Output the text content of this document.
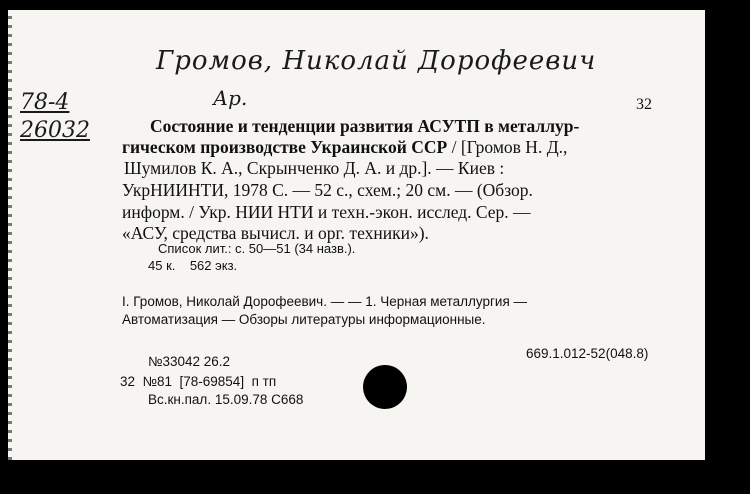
Громов, Николай Дорофеевич
Ар.
78-4
26032
32
Состояние и тенденции развития АСУТП в металлур-
гическом производстве Украинской ССР / [Громов Н. Д.,
Шумилов К. А., Скрынченко Д. А. и др.]. — Киев :
УкрНИИНТИ, 1978 С. — 52 с., схем.; 20 см. — (Обзор.
информ. / Укр. НИИ НТИ и техн.-экон. исслед. Сер. —
«АСУ, средства вычисл. и орг. техники»).
Список лит.: с. 50—51 (34 назв.).
45 к.    562 экз.
I. Громов, Николай Дорофеевич. — — 1. Черная металлургия —
Автоматизация — Обзоры литературы информационные.
669.1.012-52(048.8)
№33042 26.2
32  №81  [78-69854]  п тп
Вс.кн.пал. 15.09.78 С668
